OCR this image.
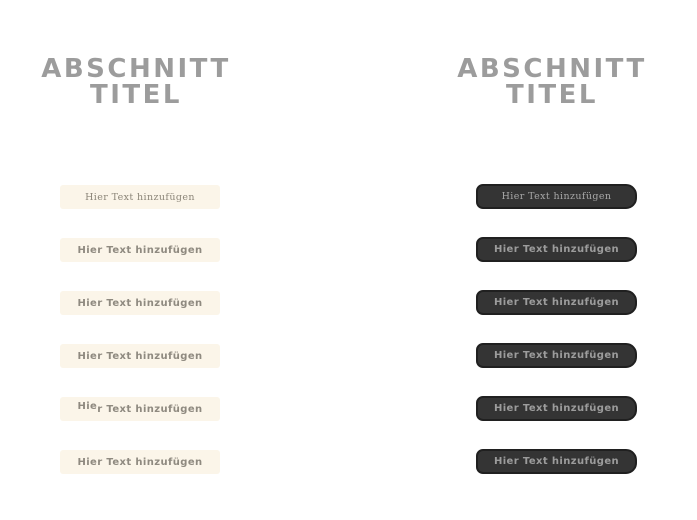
ABSCHNITT
TITEL
ABSCHNITT
TITEL
Hier Text hinzufügen
Hier Text hinzufügen
Hier Text hinzufügen
Hier Text hinzufügen
Hier Text hinzufügen
Hier Text hinzufügen
Hier Text hinzufügen
Hier Text hinzufügen
Hier Text hinzufügen
Hier Text hinzufügen
Hier Text hinzufügen
Hier Text hinzufügen
